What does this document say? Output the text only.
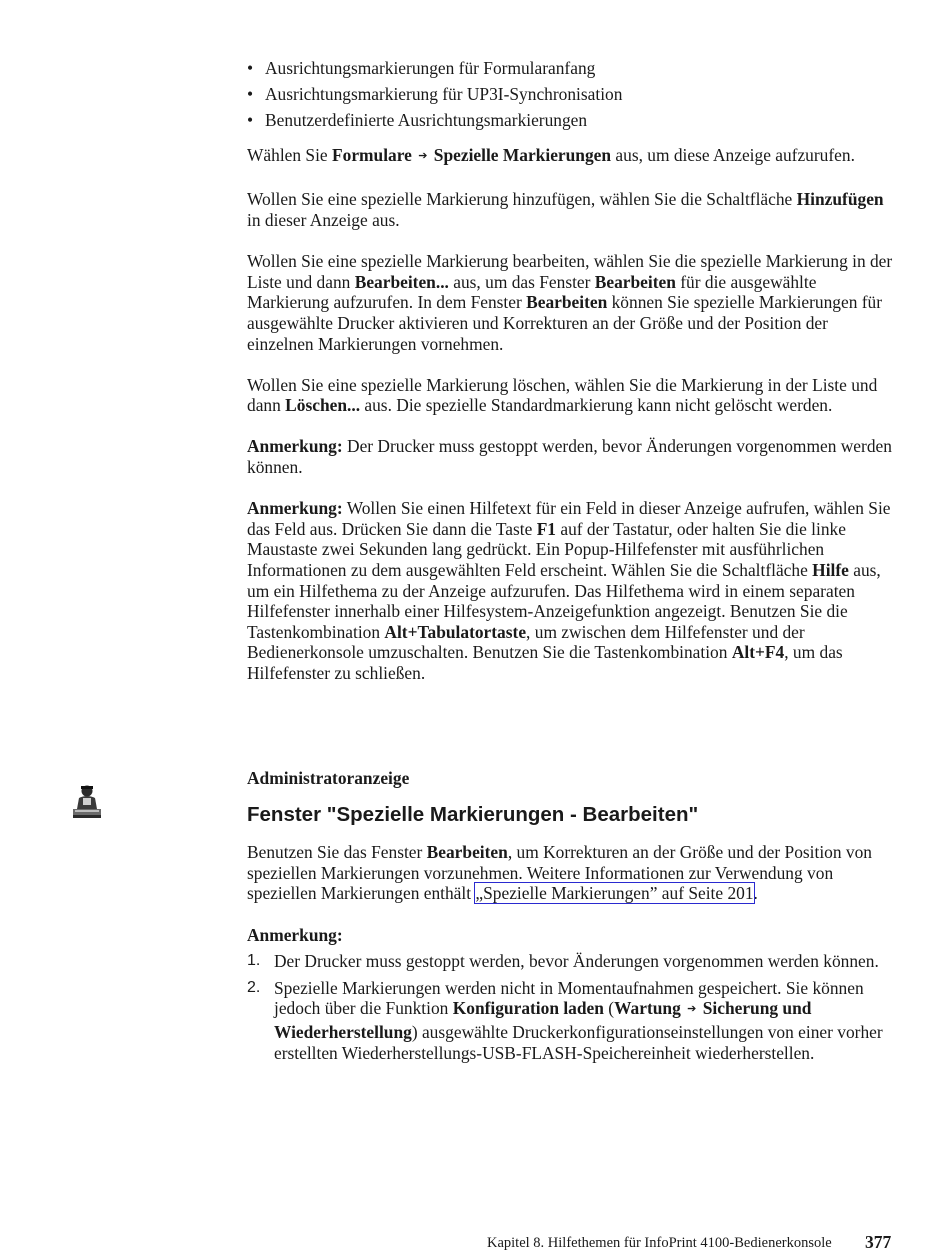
• Ausrichtungsmarkierungen für Formularanfang
• Ausrichtungsmarkierung für UP3I-Synchronisation
• Benutzerdefinierte Ausrichtungsmarkierungen

Wählen Sie Formulare ➔ Spezielle Markierungen aus, um diese Anzeige aufzurufen.

Wollen Sie eine spezielle Markierung hinzufügen, wählen Sie die Schaltfläche Hinzufügen in dieser Anzeige aus.

Wollen Sie eine spezielle Markierung bearbeiten, wählen Sie die spezielle Markierung in der Liste und dann Bearbeiten... aus, um das Fenster Bearbeiten für die ausgewählte Markierung aufzurufen. In dem Fenster Bearbeiten können Sie spezielle Markierungen für ausgewählte Drucker aktivieren und Korrekturen an der Größe und der Position der einzelnen Markierungen vornehmen.

Wollen Sie eine spezielle Markierung löschen, wählen Sie die Markierung in der Liste und dann Löschen... aus. Die spezielle Standardmarkierung kann nicht gelöscht werden.

Anmerkung: Der Drucker muss gestoppt werden, bevor Änderungen vorgenommen werden können.

Anmerkung: Wollen Sie einen Hilfetext für ein Feld in dieser Anzeige aufrufen, wählen Sie das Feld aus. Drücken Sie dann die Taste F1 auf der Tastatur, oder halten Sie die linke Maustaste zwei Sekunden lang gedrückt. Ein Popup-Hilfefenster mit ausführlichen Informationen zu dem ausgewählten Feld erscheint. Wählen Sie die Schaltfläche Hilfe aus, um ein Hilfethema zu der Anzeige aufzurufen. Das Hilfethema wird in einem separaten Hilfefenster innerhalb einer Hilfesystem-Anzeigefunktion angezeigt. Benutzen Sie die Tastenkombination Alt+Tabulatortaste, um zwischen dem Hilfefenster und der Bedienerkonsole umzuschalten. Benutzen Sie die Tastenkombination Alt+F4, um das Hilfefenster zu schließen.

Administratoranzeige
Fenster "Spezielle Markierungen - Bearbeiten"

Benutzen Sie das Fenster Bearbeiten, um Korrekturen an der Größe und der Position von speziellen Markierungen vorzunehmen. Weitere Informationen zur Verwendung von speziellen Markierungen enthält „Spezielle Markierungen” auf Seite 201.

Anmerkung:

1. Der Drucker muss gestoppt werden, bevor Änderungen vorgenommen werden können.
2. Spezielle Markierungen werden nicht in Momentaufnahmen gespeichert. Sie können jedoch über die Funktion Konfiguration laden (Wartung ➔ Sicherung und Wiederherstellung) ausgewählte Druckerkonfigurationseinstellungen von einer vorher erstellten Wiederherstellungs-USB-FLASH-Speichereinheit wiederherstellen.
Kapitel 8. Hilfethemen für InfoPrint 4100-Bedienerkonsole 377
